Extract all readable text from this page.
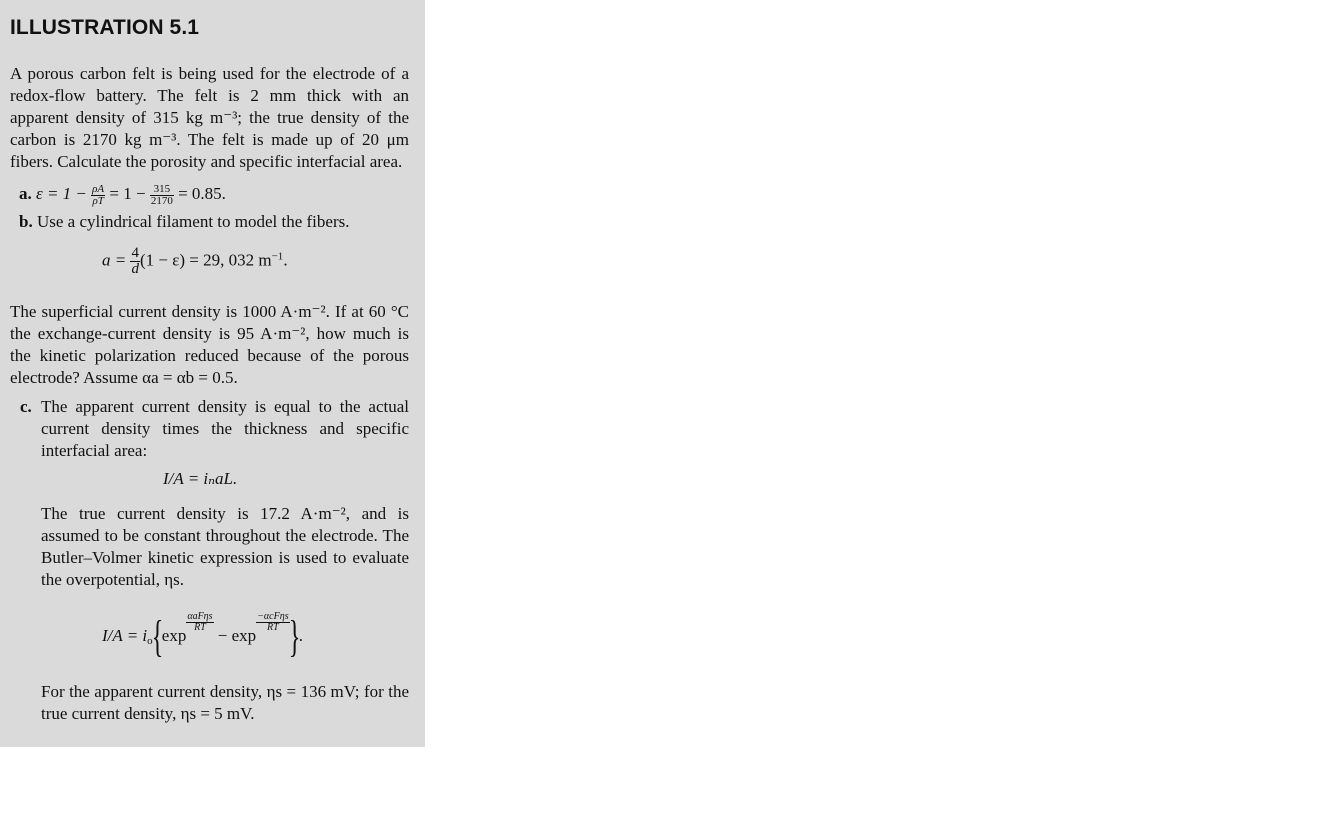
ILLUSTRATION 5.1

A porous carbon felt is being used for the electrode of a redox-flow battery. The felt is 2 mm thick with an apparent density of 315 kg m⁻³; the true density of the carbon is 2170 kg m⁻³. The felt is made up of 20 μm fibers. Calculate the porosity and specific interfacial area.

a. $\varepsilon = 1 - \frac{\rho A}{\rho T} = 1 - \frac{315}{2170} = 0.85$.
b. Use a cylindrical filament to model the fibers.
$a = \frac{4}{d} (1 - \varepsilon) = 29$, 032 $m^{-1}$.

The superficial current density is 1000 A·m⁻². If at 60 °C the exchange-current density is 95 A·m⁻², how much is the kinetic polarization reduced because of the porous electrode? Assume αa = αb = 0.5.

c. The apparent current density is equal to the actual current density times the thickness and specific interfacial area:
I/A = iₙaL.

The true current density is 17.2 A·m⁻², and is assumed to be constant throughout the electrode. The Butler–Volmer kinetic expression is used to evaluate the overpotential, ηs.

$I/A = i_o\{\exp$
$\frac{\text{αaFηs}}{RT}$
− exp
$\frac{\text{−αcFηs}}{RT}$
}.

For the apparent current density, ηs = 136 mV; for the true current density, ηs = 5 mV.
